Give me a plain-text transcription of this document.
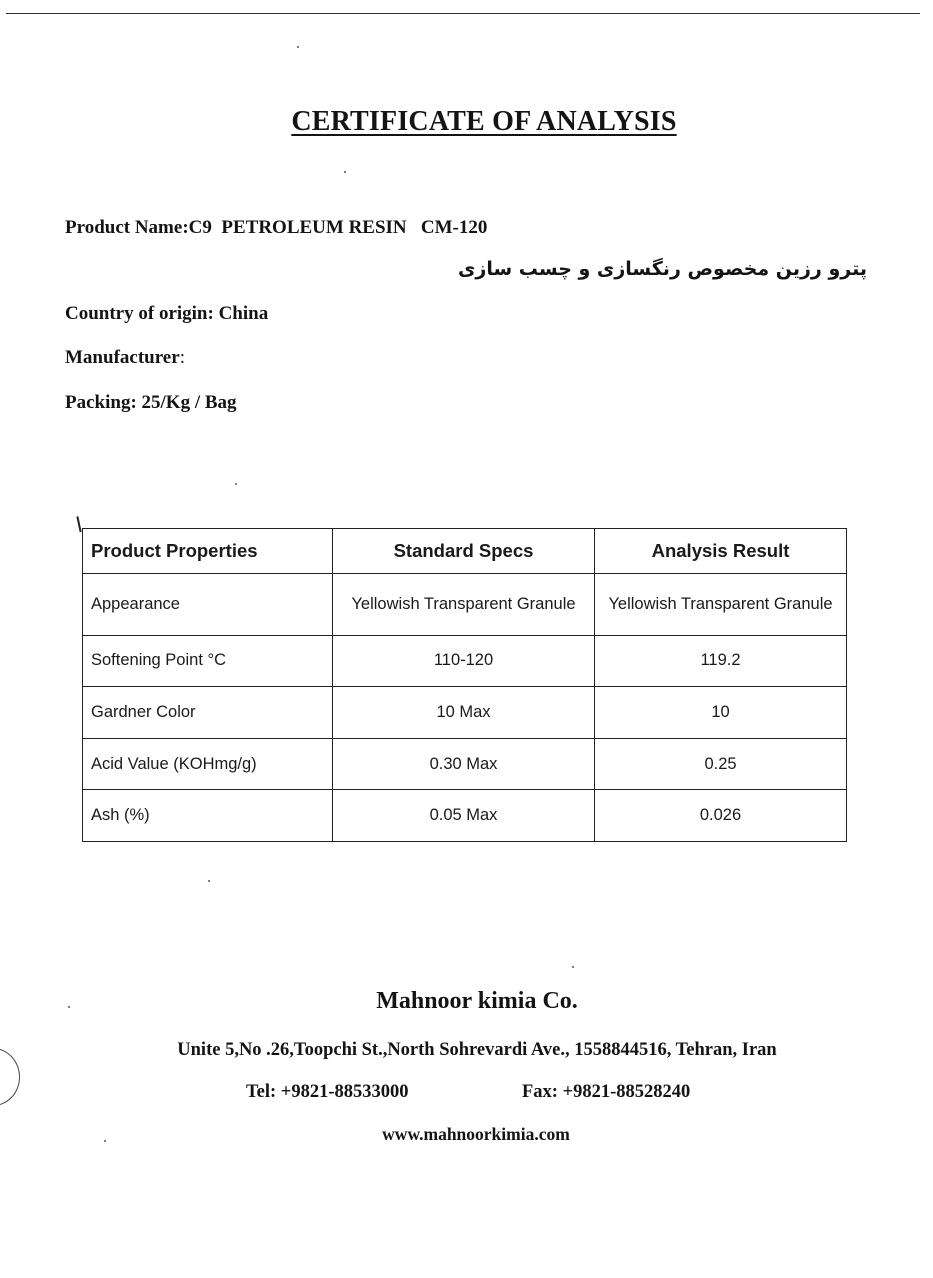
CERTIFICATE OF ANALYSIS
Product Name:C9  PETROLEUM RESIN   CM-120
پترو رزین مخصوص رنگسازی و چسب سازی
Country of origin: China
Manufacturer:
Packing: 25/Kg / Bag
Product Properties	Standard Specs	Analysis Result
Appearance	Yellowish Transparent Granule	Yellowish Transparent Granule
Softening Point °C	110-120	119.2
Gardner Color	10 Max	10
Acid Value (KOHmg/g)	0.30 Max	0.25
Ash (%)	0.05 Max	0.026
Mahnoor kimia Co.
Unite 5,No .26,Toopchi St.,North Sohrevardi Ave., 1558844516, Tehran, Iran
Tel: +9821-88533000	Fax: +9821-88528240
www.mahnoorkimia.com
